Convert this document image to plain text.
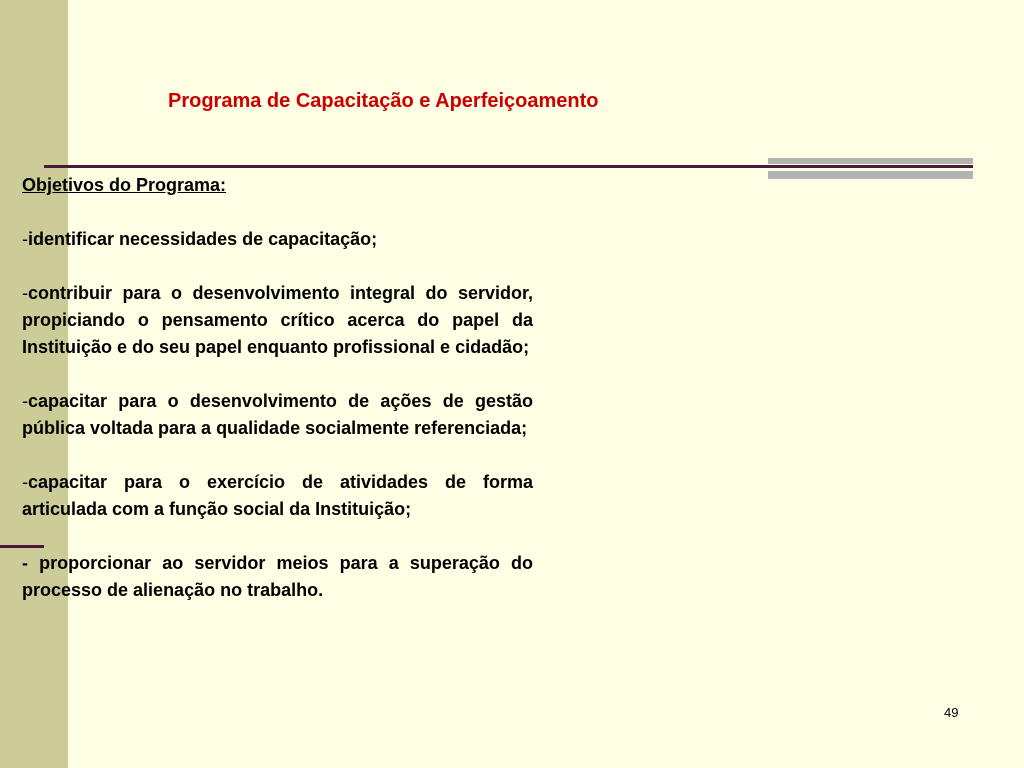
Programa de Capacitação e Aperfeiçoamento

Objetivos do Programa:

-identificar necessidades de capacitação;

-contribuir para o desenvolvimento integral do servidor, propiciando o pensamento crítico acerca do papel da Instituição e do seu papel enquanto profissional e cidadão;

-capacitar para o desenvolvimento de ações de gestão pública voltada para a qualidade socialmente referenciada;

-capacitar para o exercício de atividades de forma articulada com a função social da Instituição;

- proporcionar ao servidor meios para a superação do processo de alienação no trabalho.

49
